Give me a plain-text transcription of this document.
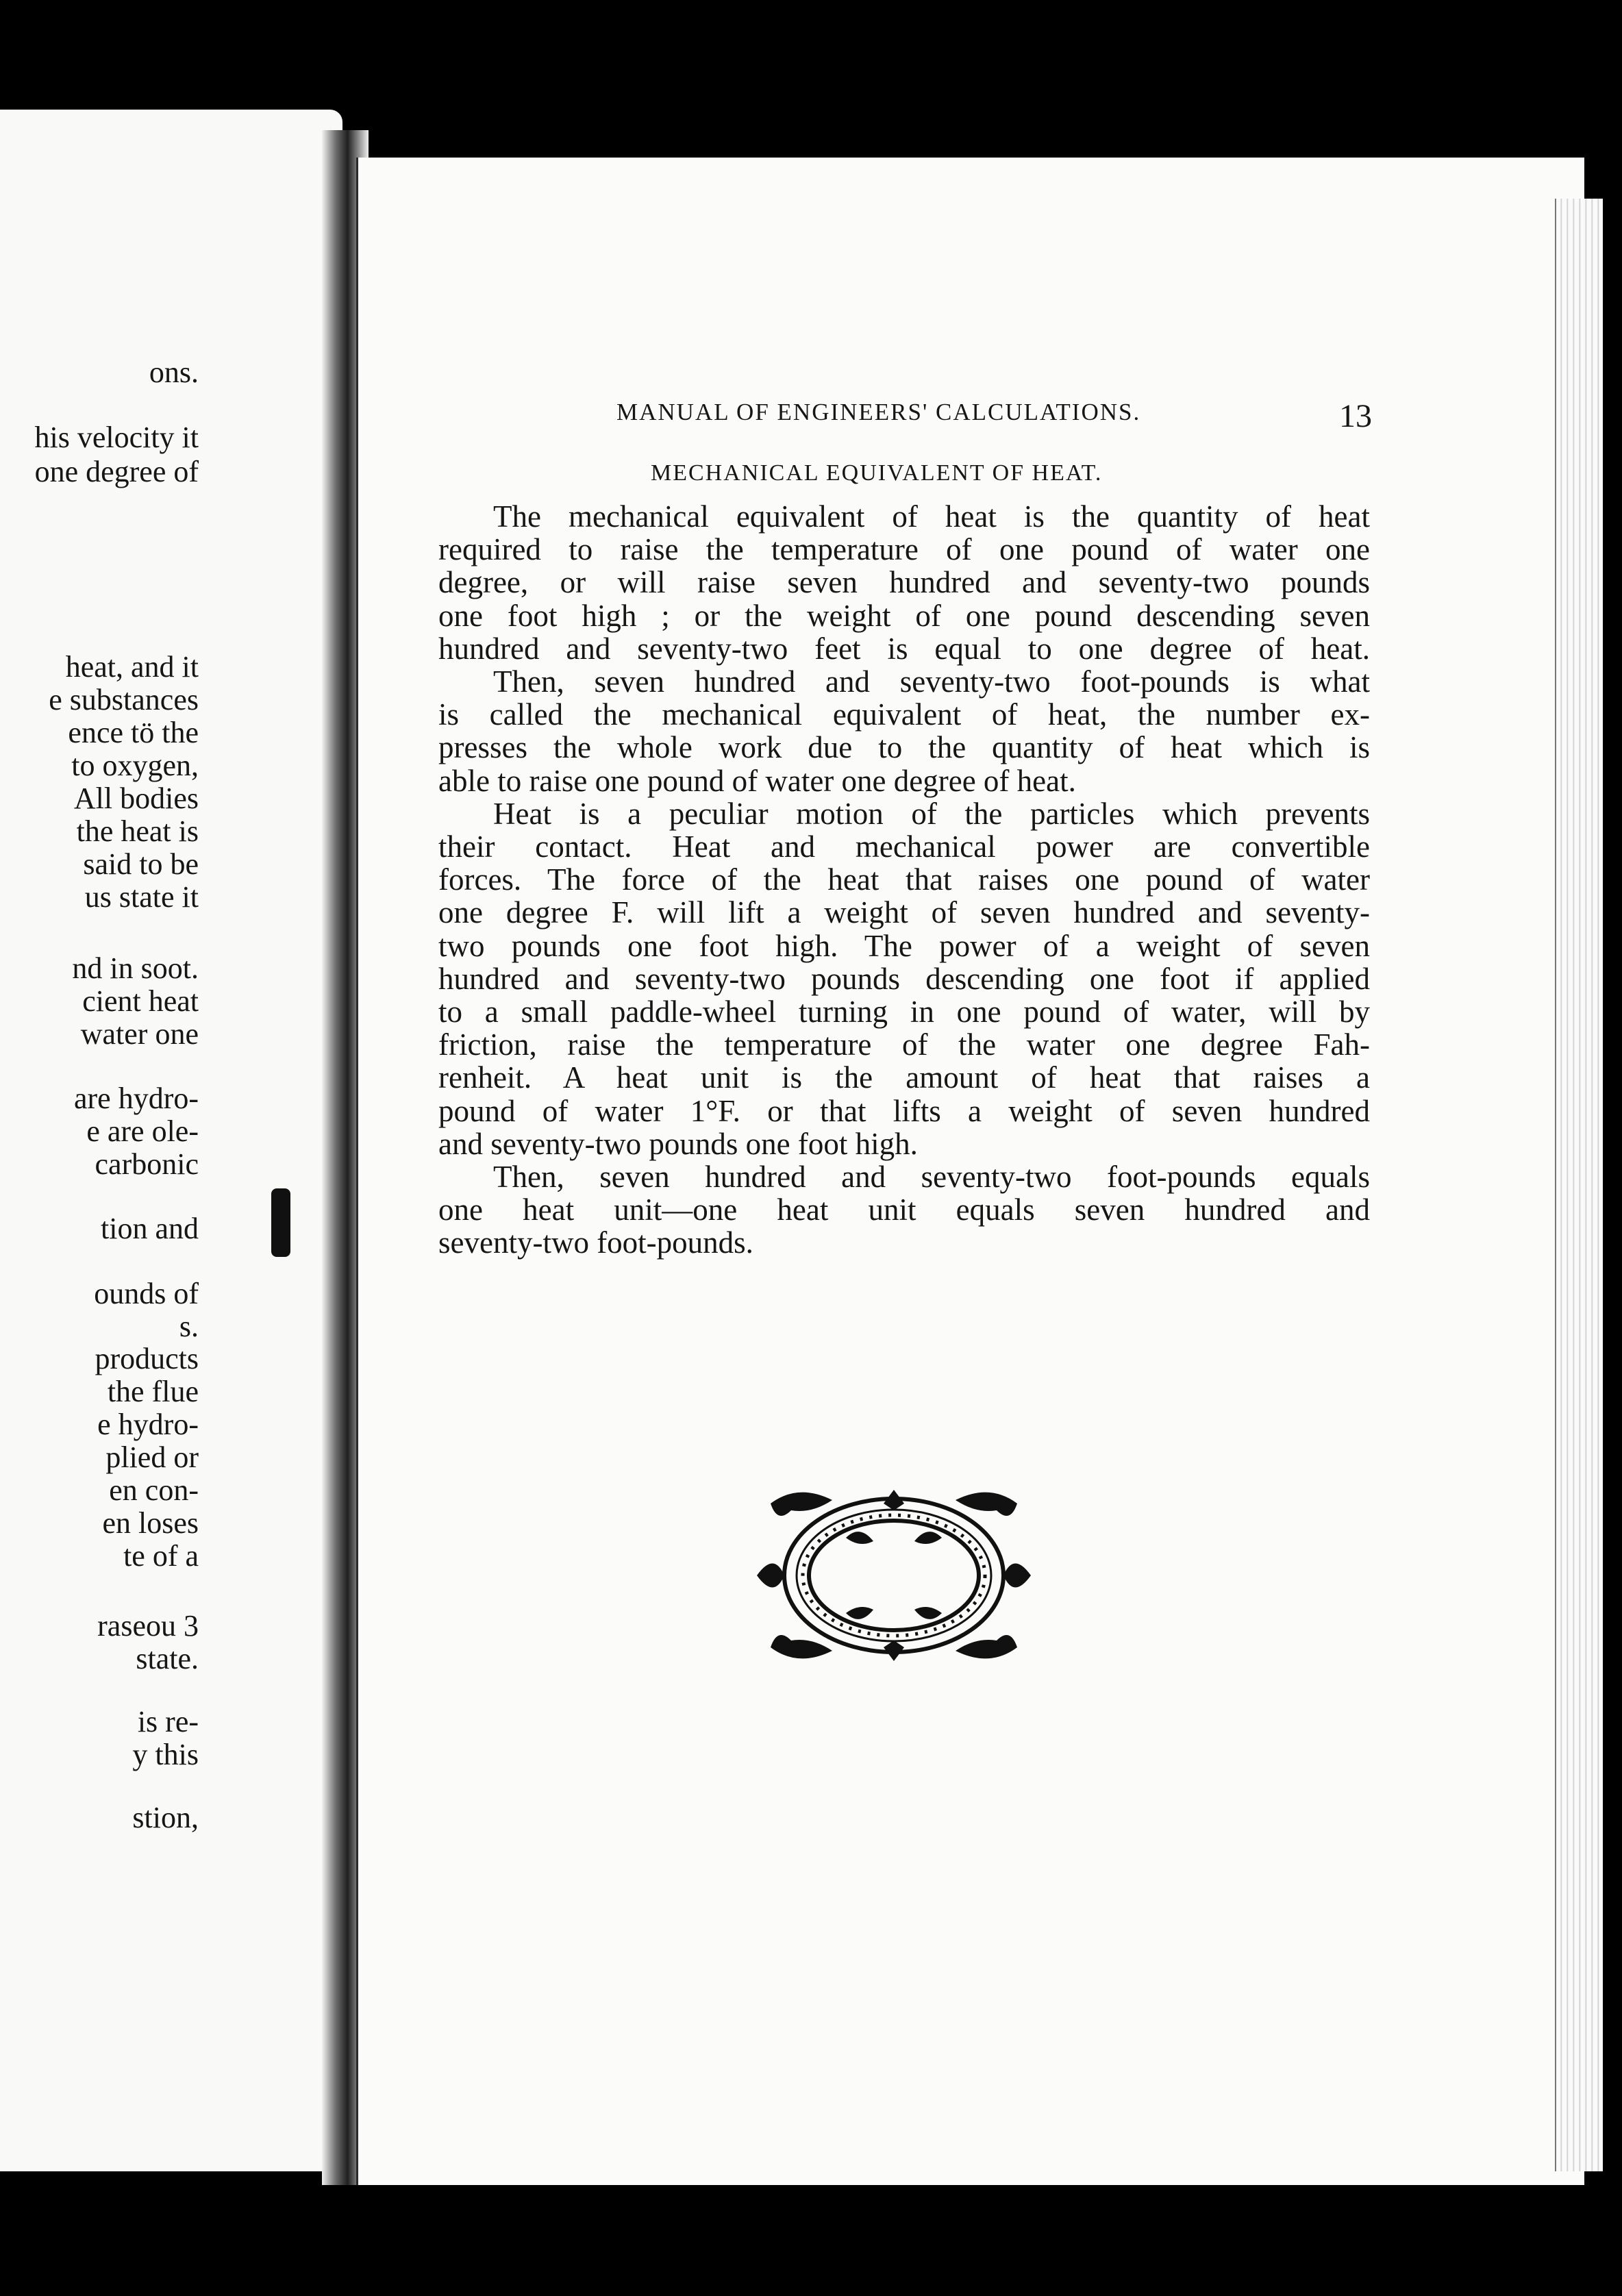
ons.

his velocity it

one degree of

heat, and it

e substances

ence tö the

to oxygen,

All bodies

the heat is

said to be

us state it

nd in soot.

cient heat

water one

are hydro-

e are ole-

carbonic

tion and

ounds of

s.

products

the flue

e hydro-

plied or

en con-

en loses

te of a

raseou 3

state.

is re-

y this

stion,

MANUAL OF ENGINEERS' CALCULATIONS.	13
MECHANICAL EQUIVALENT OF HEAT.
The mechanical equivalent of heat is the quantity of heat
required to raise the temperature of one pound of water one
degree, or will raise seven hundred and seventy-two pounds
one foot high ; or the weight of one pound descending seven
hundred and seventy-two feet is equal to one degree of heat.
Then, seven hundred and seventy-two foot-pounds is what
is called the mechanical equivalent of heat, the number ex-
presses the whole work due to the quantity of heat which is
able to raise one pound of water one degree of heat.
Heat is a peculiar motion of the particles which prevents
their contact. Heat and mechanical power are convertible
forces. The force of the heat that raises one pound of water
one degree F. will lift a weight of seven hundred and seventy-
two pounds one foot high. The power of a weight of seven
hundred and seventy-two pounds descending one foot if applied
to a small paddle-wheel turning in one pound of water, will by
friction, raise the temperature of the water one degree Fah-
renheit. A heat unit is the amount of heat that raises a
pound of water 1°F. or that lifts a weight of seven hundred
and seventy-two pounds one foot high.
Then, seven hundred and seventy-two foot-pounds equals
one heat unit—one heat unit equals seven hundred and
seventy-two foot-pounds.
